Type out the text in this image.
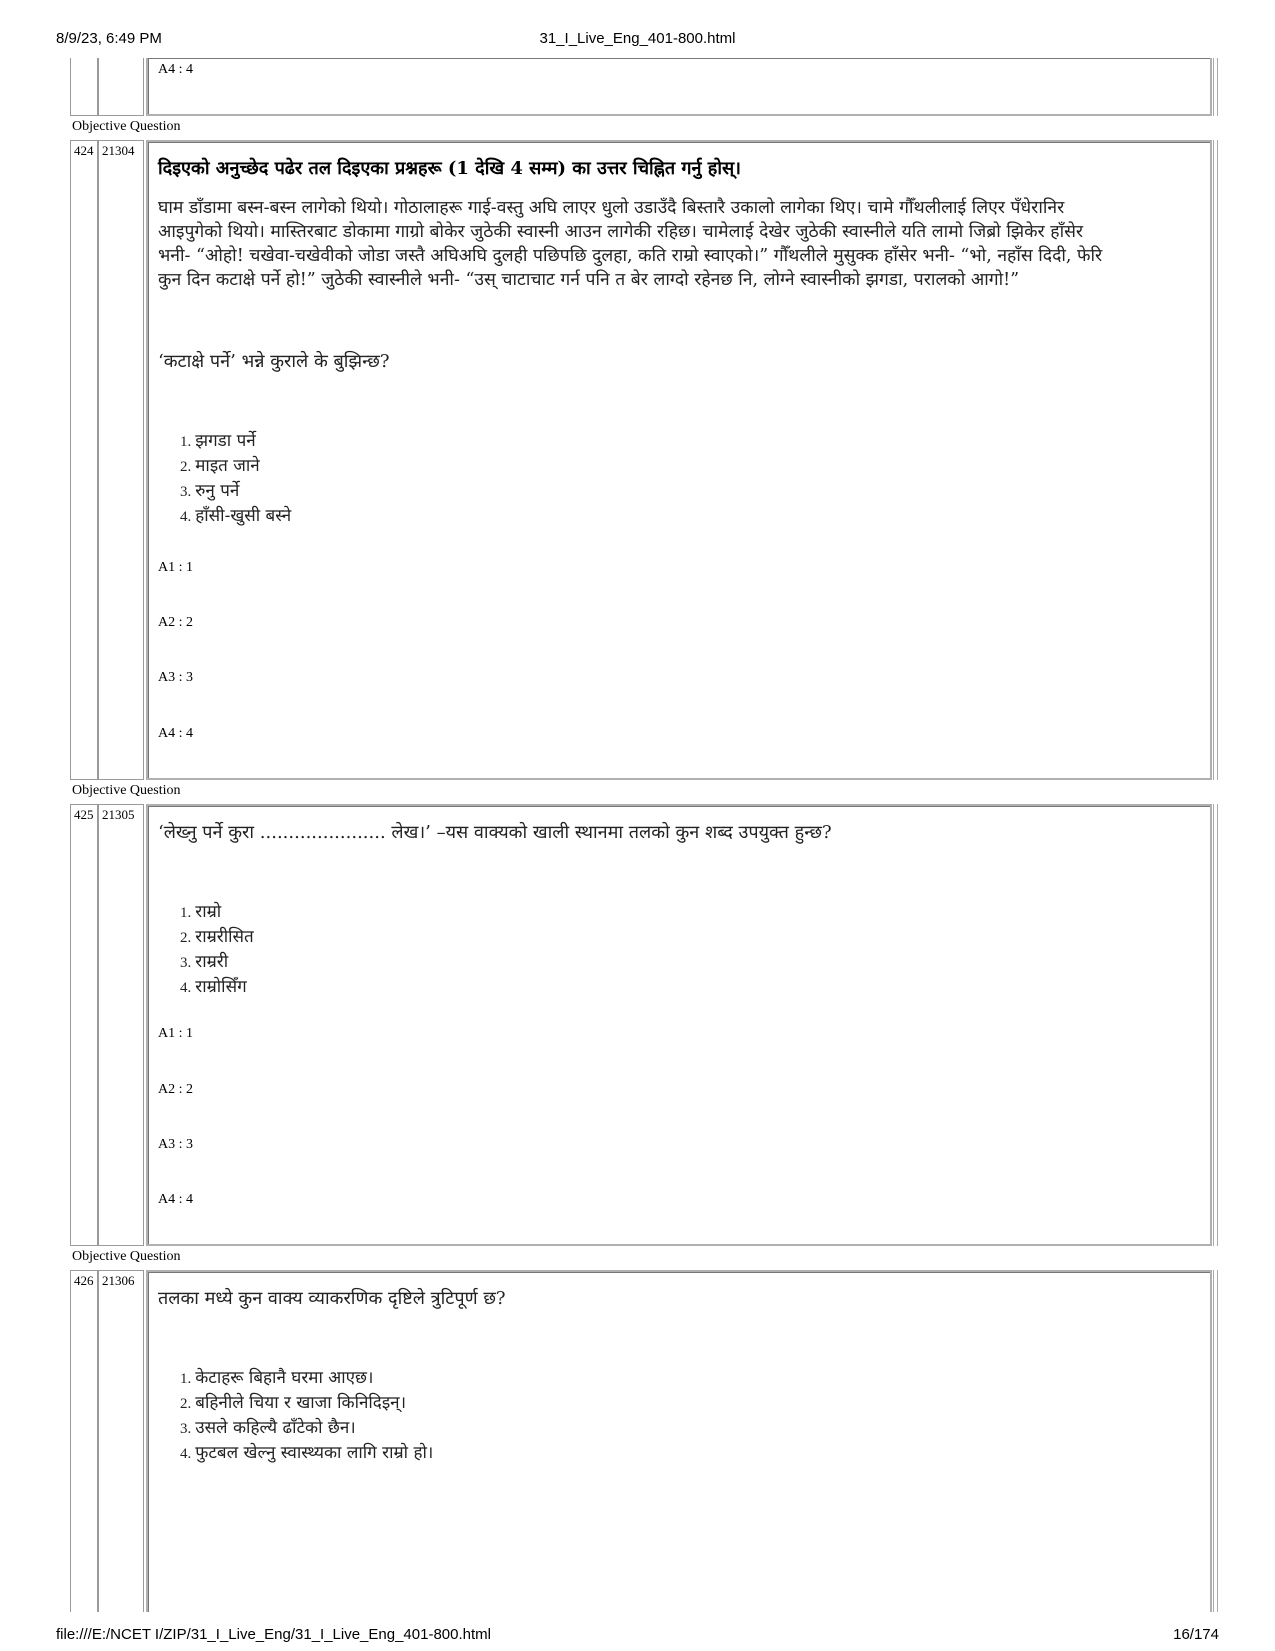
8/9/23, 6:49 PM	31_I_Live_Eng_401-800.html
A4 : 4
Objective Question
424 21304
दिइएको अनुच्छेद पढेर तल दिइएका प्रश्नहरू (1 देखि 4 सम्म) का उत्तर चिह्नित गर्नु होस्।
घाम डाँडामा बस्न-बस्न लागेको थियो। गोठालाहरू गाई-वस्तु अघि लाएर धुलो उडाउँदै बिस्तारै उकालो लागेका थिए। चामे गौँथलीलाई लिएर पँधेरानिर
आइपुगेको थियो। मास्तिरबाट डोकामा गाग्रो बोकेर जुठेकी स्वास्नी आउन लागेकी रहिछ। चामेलाई देखेर जुठेकी स्वास्नीले यति लामो जिब्रो झिकेर हाँसेर
भनी- “ओहो! चखेवा-चखेवीको जोडा जस्तै अघिअघि दुलही पछिपछि दुलहा, कति राम्रो स्वाएको।” गौँथलीले मुसुक्क हाँसेर भनी- “भो, नहाँस दिदी, फेरि
कुन दिन कटाक्षे पर्ने हो!” जुठेकी स्वास्नीले भनी- “उस् चाटाचाट गर्न पनि त बेर लाग्दो रहेनछ नि, लोग्ने स्वास्नीको झगडा, परालको आगो!”
‘कटाक्षे पर्ने’ भन्ने कुराले के बुझिन्छ?
1. झगडा पर्ने
2. माइत जाने
3. रुनु पर्ने
4. हाँसी-खुसी बस्ने
A1 : 1
A2 : 2
A3 : 3
A4 : 4
Objective Question
425 21305
‘लेख्नु पर्ने कुरा ...................... लेख।’ –यस वाक्यको खाली स्थानमा तलको कुन शब्द उपयुक्त हुन्छ?
1. राम्रो
2. राम्ररीसित
3. राम्ररी
4. राम्रोसिँग
A1 : 1
A2 : 2
A3 : 3
A4 : 4
Objective Question
426 21306
तलका मध्ये कुन वाक्य व्याकरणिक दृष्टिले त्रुटिपूर्ण छ?
1. केटाहरू बिहानै घरमा आएछ।
2. बहिनीले चिया र खाजा किनिदिइन्।
3. उसले कहिल्यै ढाँटेको छैन।
4. फुटबल खेल्नु स्वास्थ्यका लागि राम्रो हो।
file:///E:/NCET I/ZIP/31_I_Live_Eng/31_I_Live_Eng_401-800.html	16/174
